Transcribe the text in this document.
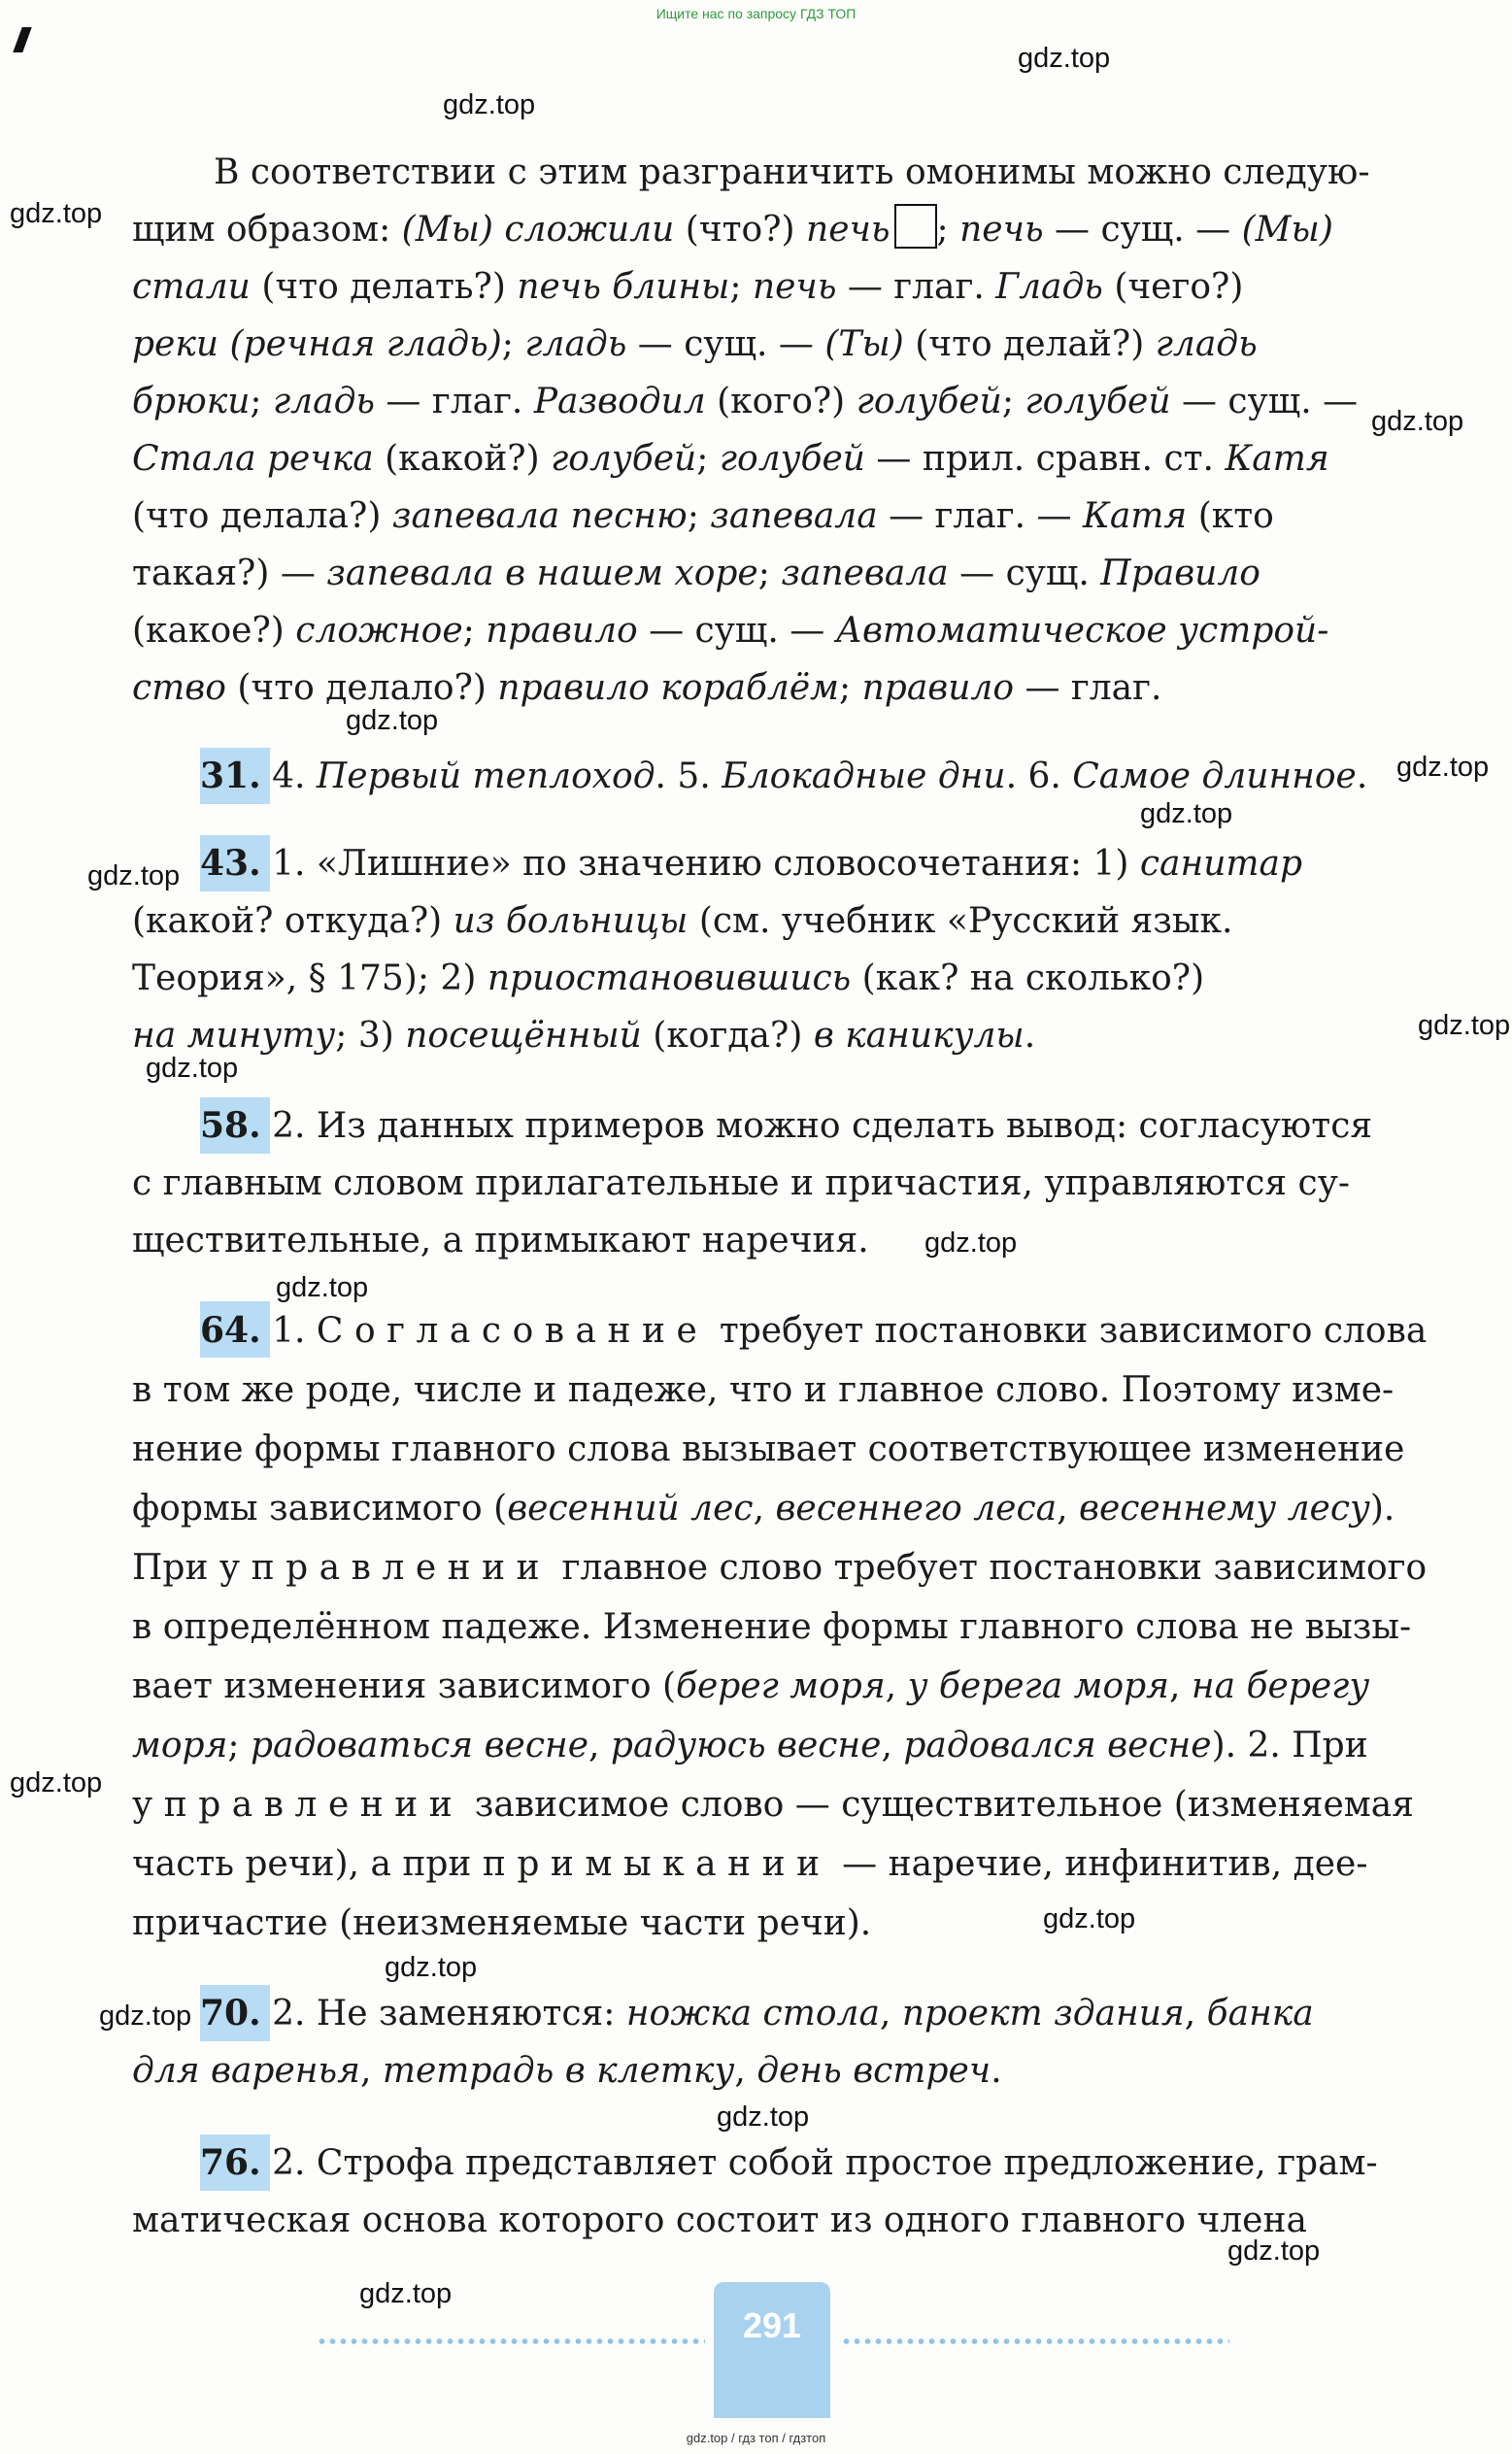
Ищите нас по запросу ГДЗ ТОП
gdz.top
gdz.top
gdz.top
gdz.top
gdz.top
gdz.top
gdz.top
gdz.top
gdz.top
gdz.top
gdz.top
gdz.top
gdz.top
gdz.top
gdz.top
gdz.top
gdz.top
gdz.top
gdz.top
В соответствии с этим разграничить омонимы можно следую-
щим образом: (Мы) сложили (что?) печь ; печь — сущ. — (Мы)
стали (что делать?) печь блины; печь — глаг. Гладь (чего?)
реки (речная гладь); гладь — сущ. — (Ты) (что делай?) гладь
брюки; гладь — глаг. Разводил (кого?) голубей; голубей — сущ. —
Стала речка (какой?) голубей; голубей — прил. сравн. ст. Катя
(что делала?) запевала песню; запевала — глаг. — Катя (кто
такая?) — запевала в нашем хоре; запевала — сущ. Правило
(какое?) сложное; правило — сущ. — Автоматическое устрой-
ство (что делало?) правило кораблём; правило — глаг.
31. 4. Первый теплоход. 5. Блокадные дни. 6. Самое длинное.
43. 1. «Лишние» по значению словосочетания: 1) санитар
(какой? откуда?) из больницы (см. учебник «Русский язык.
Теория», § 175); 2) приостановившись (как? на сколько?)
на минуту; 3) посещённый (когда?) в каникулы.
58. 2. Из данных примеров можно сделать вывод: согласуются
с главным словом прилагательные и причастия, управляются су-
ществительные, а примыкают наречия.
64. 1. Согласование требует постановки зависимого слова
в том же роде, числе и падеже, что и главное слово. Поэтому изме-
нение формы главного слова вызывает соответствующее изменение
формы зависимого (весенний лес, весеннего леса, весеннему лесу).
При управлении главное слово требует постановки зависимого
в определённом падеже. Изменение формы главного слова не вызы-
вает изменения зависимого (берег моря, у берега моря, на берегу
моря; радоваться весне, радуюсь весне, радовался весне). 2. При
управлении зависимое слово — существительное (изменяемая
часть речи), а при примыкании — наречие, инфинитив, дее-
причастие (неизменяемые части речи).
70. 2. Не заменяются: ножка стола, проект здания, банка
для варенья, тетрадь в клетку, день встреч.
76. 2. Строфа представляет собой простое предложение, грам-
матическая основа которого состоит из одного главного члена
291
gdz.top / гдз топ / гдзтоп
